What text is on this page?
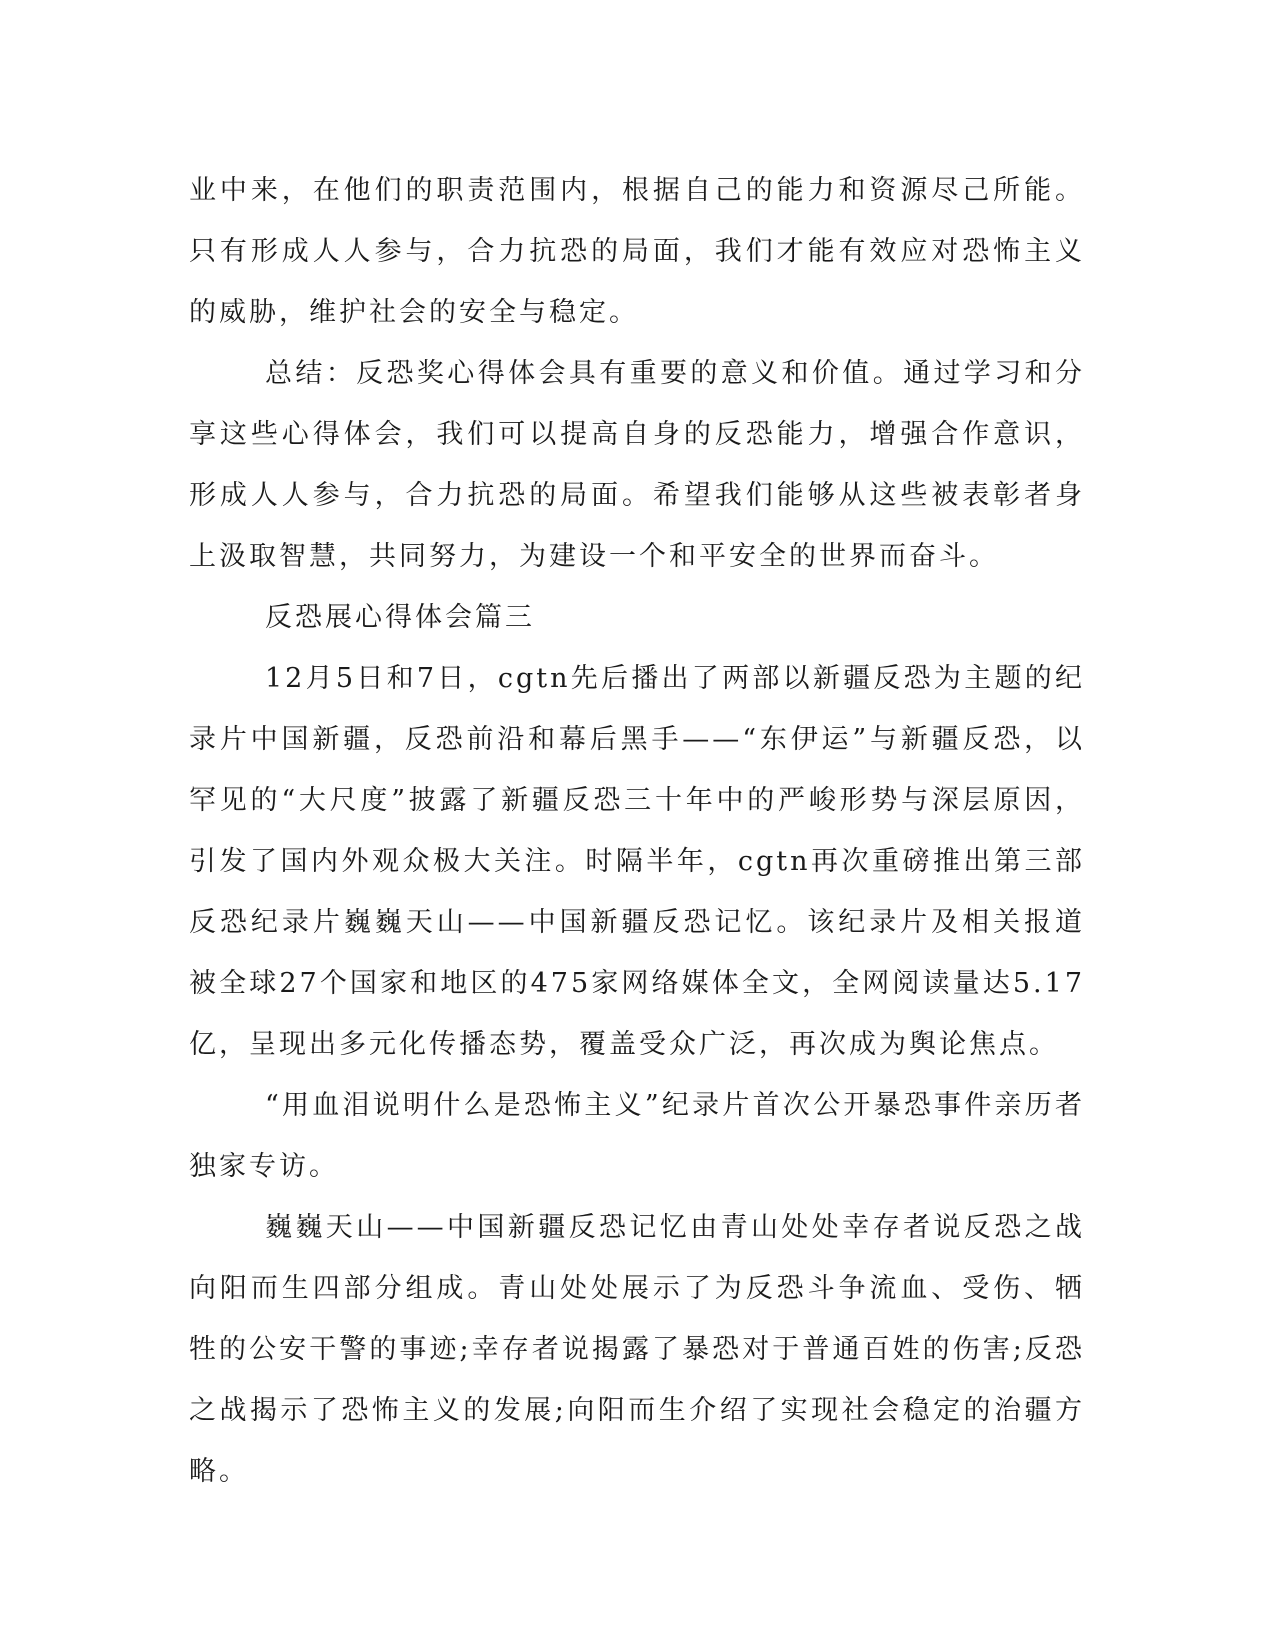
业中来，在他们的职责范围内，根据自己的能力和资源尽己所能。只有形成人人参与，合力抗恐的局面，我们才能有效应对恐怖主义的威胁，维护社会的安全与稳定。

总结：反恐奖心得体会具有重要的意义和价值。通过学习和分享这些心得体会，我们可以提高自身的反恐能力，增强合作意识，形成人人参与，合力抗恐的局面。希望我们能够从这些被表彰者身上汲取智慧，共同努力，为建设一个和平安全的世界而奋斗。

反恐展心得体会篇三

12月5日和7日，cgtn先后播出了两部以新疆反恐为主题的纪录片中国新疆，反恐前沿和幕后黑手——“东伊运”与新疆反恐，以罕见的“大尺度”披露了新疆反恐三十年中的严峻形势与深层原因，引发了国内外观众极大关注。时隔半年，cgtn再次重磅推出第三部反恐纪录片巍巍天山——中国新疆反恐记忆。该纪录片及相关报道被全球27个国家和地区的475家网络媒体全文，全网阅读量达5.17亿，呈现出多元化传播态势，覆盖受众广泛，再次成为舆论焦点。

“用血泪说明什么是恐怖主义”纪录片首次公开暴恐事件亲历者独家专访。

巍巍天山——中国新疆反恐记忆由青山处处幸存者说反恐之战向阳而生四部分组成。青山处处展示了为反恐斗争流血、受伤、牺牲的公安干警的事迹;幸存者说揭露了暴恐对于普通百姓的伤害;反恐之战揭示了恐怖主义的发展;向阳而生介绍了实现社会稳定的治疆方略。
